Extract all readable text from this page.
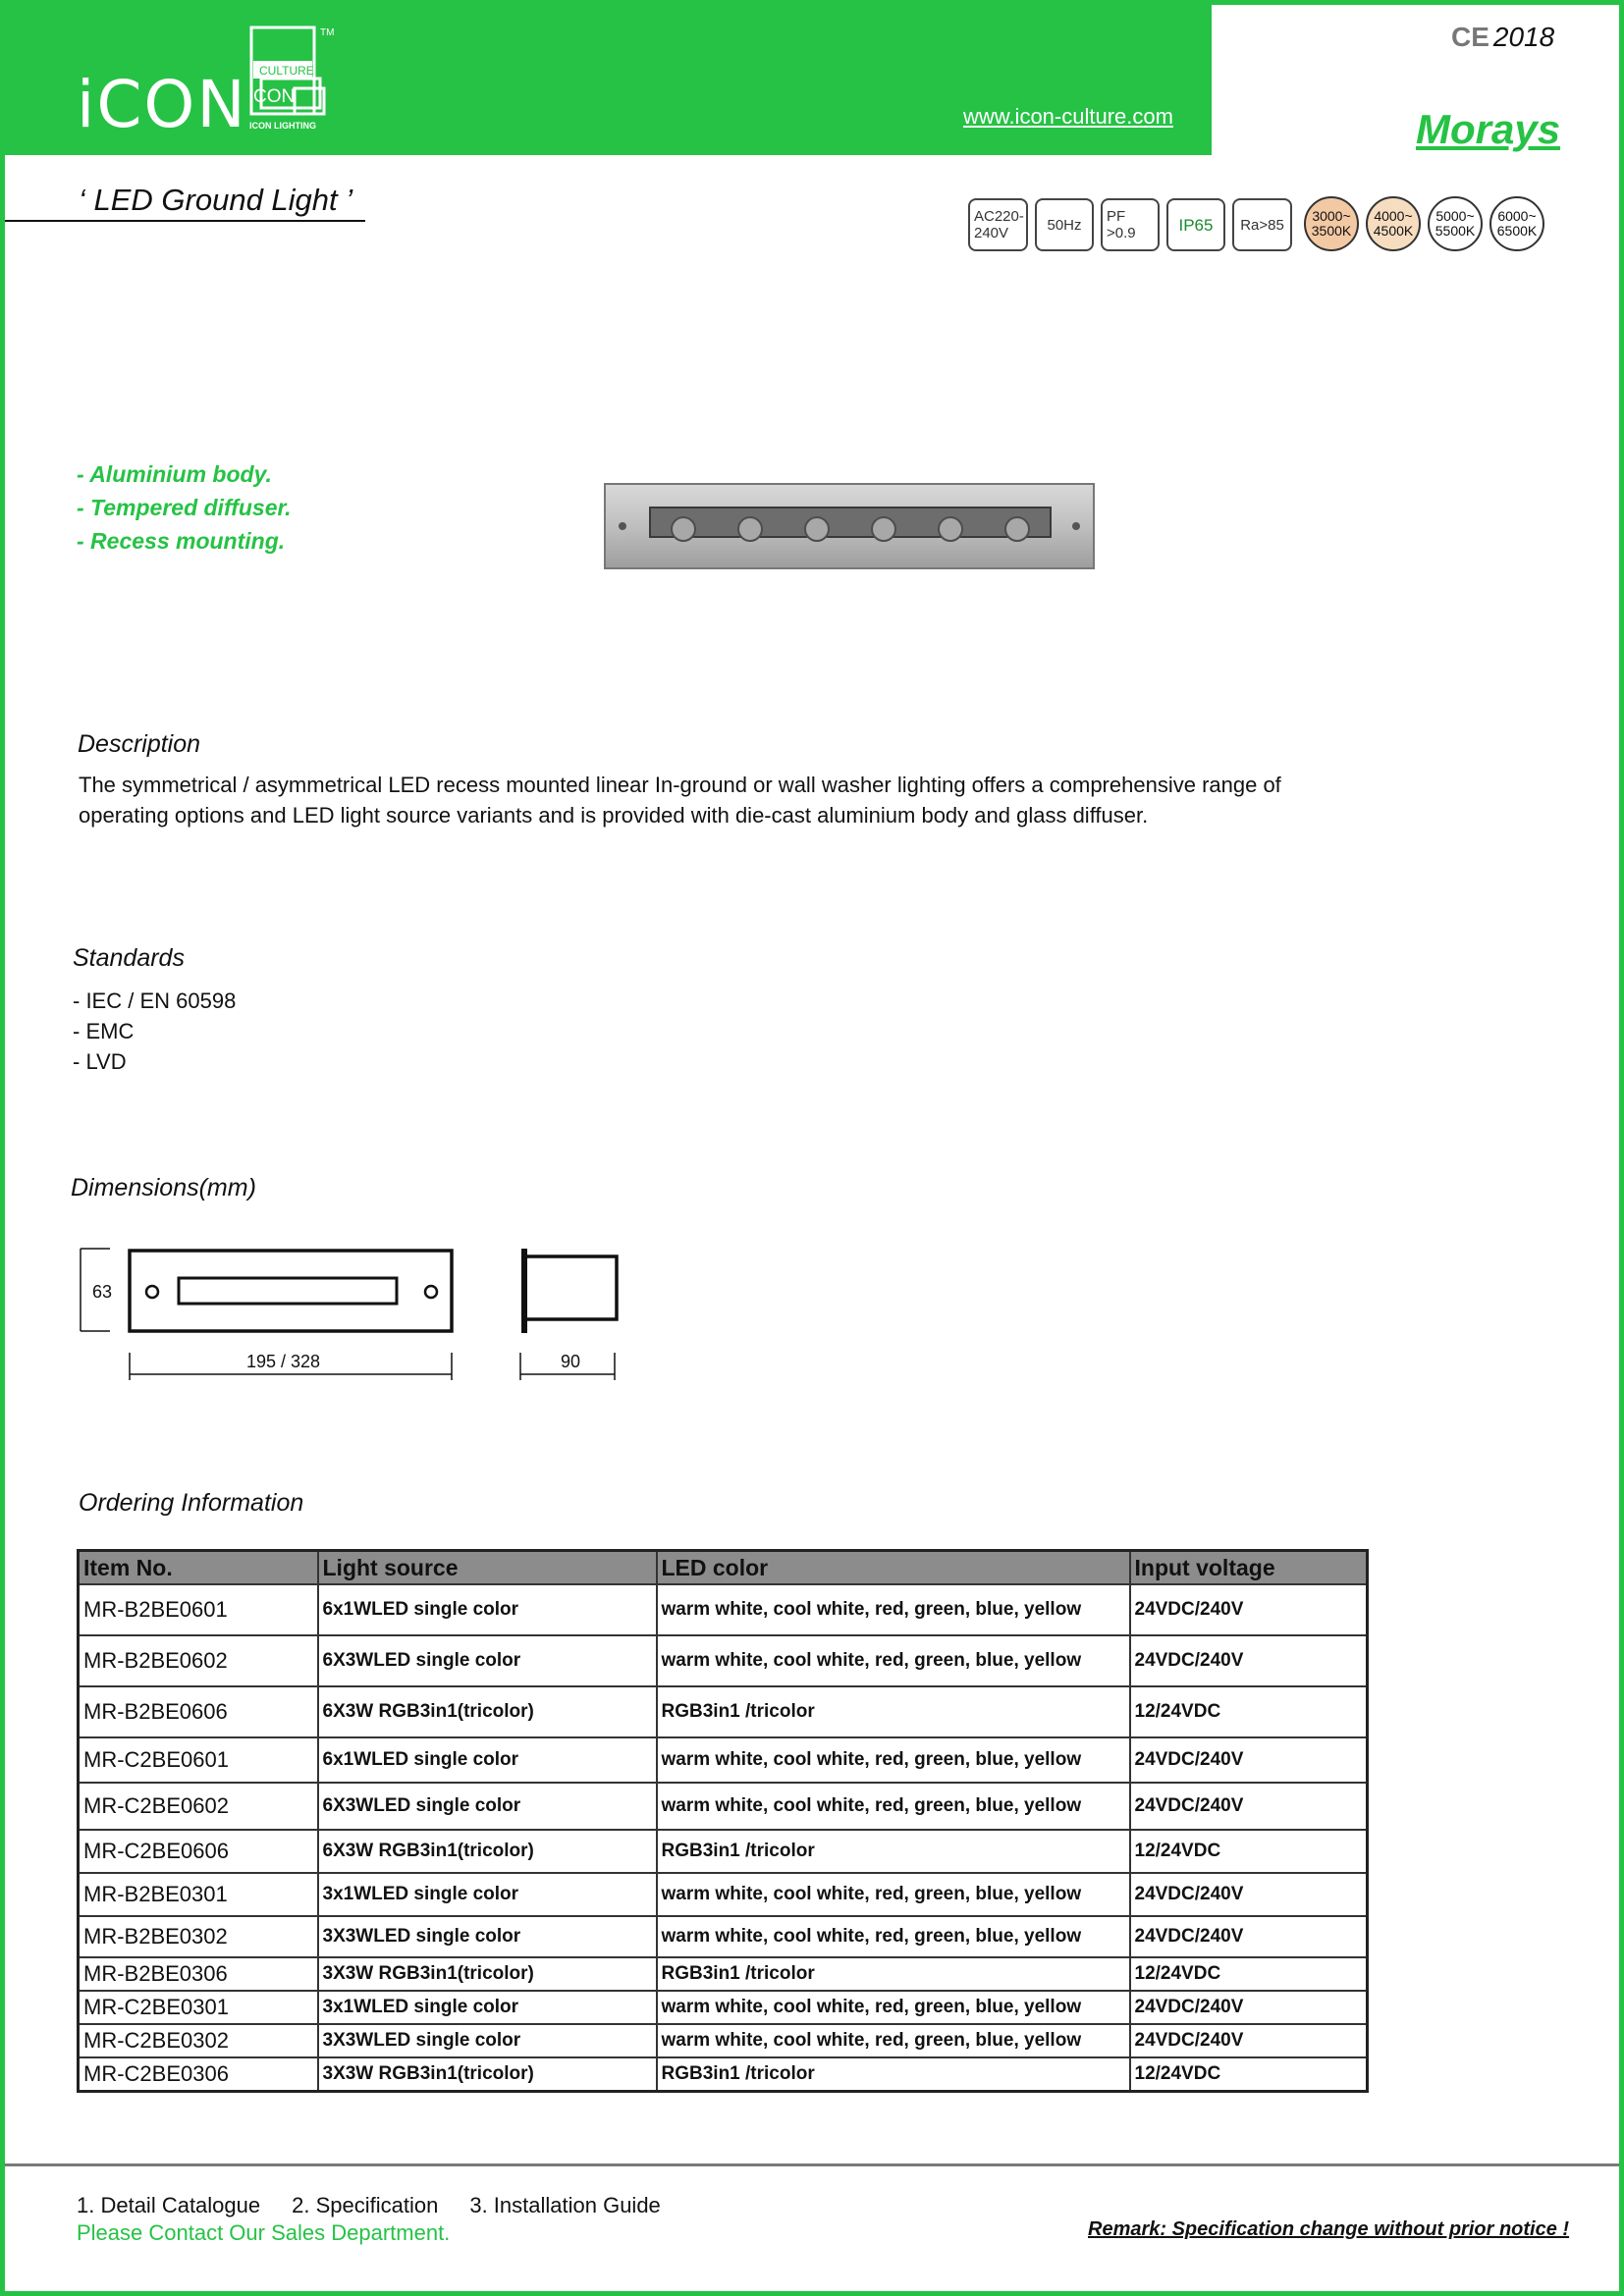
iCON CULTURE
CON
ICON LIGHTING
TM
www.icon-culture.com
CE 2018
Morays
‘ LED Ground Light ’	AC220-
240V	50Hz	PF
>0.9	IP65	Ra>85
3000~
3500K
4000~
4500K
5000~
5500K
6000~
6500K
- Aluminium body.
- Tempered diffuser.
- Recess mounting.
Description
The symmetrical / asymmetrical LED recess mounted linear In-ground or wall washer lighting offers a comprehensive range of operating options and LED light source variants and is provided with die-cast aluminium body and glass diffuser.
Standards
- IEC / EN 60598
- EMC
- LVD
Dimensions(mm)
63
195 / 328	90
Ordering Information
Item No.	Light source	LED color	Input voltage
MR-B2BE0601	6x1WLED single color	warm white, cool white, red, green, blue, yellow	24VDC/240V
MR-B2BE0602	6X3WLED single color	warm white, cool white, red, green, blue, yellow	24VDC/240V
MR-B2BE0606	6X3W RGB3in1(tricolor)	RGB3in1 /tricolor	12/24VDC
MR-C2BE0601	6x1WLED single color	warm white, cool white, red, green, blue, yellow	24VDC/240V
MR-C2BE0602	6X3WLED single color	warm white, cool white, red, green, blue, yellow	24VDC/240V
MR-C2BE0606	6X3W RGB3in1(tricolor)	RGB3in1 /tricolor	12/24VDC
MR-B2BE0301	3x1WLED single color	warm white, cool white, red, green, blue, yellow	24VDC/240V
MR-B2BE0302	3X3WLED single color	warm white, cool white, red, green, blue, yellow	24VDC/240V
MR-B2BE0306	3X3W RGB3in1(tricolor)	RGB3in1 /tricolor	12/24VDC
MR-C2BE0301	3x1WLED single color	warm white, cool white, red, green, blue, yellow	24VDC/240V
MR-C2BE0302	3X3WLED single color	warm white, cool white, red, green, blue, yellow	24VDC/240V
MR-C2BE0306	3X3W RGB3in1(tricolor)	RGB3in1 /tricolor	12/24VDC
1. Detail Catalogue 2. Specification 3. Installation Guide
Please Contact Our Sales Department.	Remark: Specification change without prior notice !
